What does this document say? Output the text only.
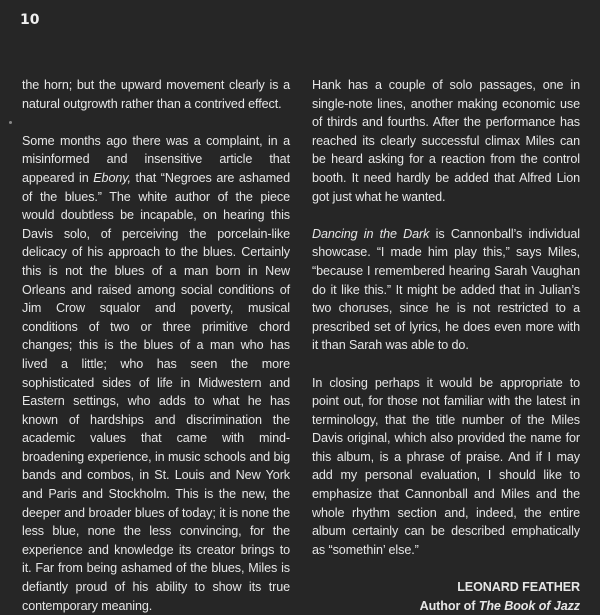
10

the horn; but the upward movement clearly is a natural outgrowth rather than a contrived effect.

Some months ago there was a complaint, in a misinformed and insensitive article that appeared in Ebony, that “Negroes are ashamed of the blues.” The white author of the piece would doubtless be incapable, on hearing this Davis solo, of perceiving the porcelain-like delicacy of his approach to the blues. Certainly this is not the blues of a man born in New Orleans and raised among social conditions of Jim Crow squalor and poverty, musical conditions of two or three primitive chord changes; this is the blues of a man who has lived a little; who has seen the more sophisticated sides of life in Midwestern and Eastern settings, who adds to what he has known of hardships and discrimination the academic values that came with mind-broadening experience, in music schools and big bands and combos, in St. Louis and New York and Paris and Stockholm. This is the new, the deeper and broader blues of today; it is none the less blue, none the less convincing, for the experience and knowledge its creator brings to it. Far from being ashamed of the blues, Miles is defiantly proud of his ability to show its true contemporary meaning.

Hank has a couple of solo passages, one in single-note lines, another making economic use of thirds and fourths. After the performance has reached its clearly successful climax Miles can be heard asking for a reaction from the control booth. It need hardly be added that Alfred Lion got just what he wanted.

Dancing in the Dark is Cannonball’s individual showcase. “I made him play this,” says Miles, “because I remembered hearing Sarah Vaughan do it like this.” It might be added that in Julian’s two choruses, since he is not restricted to a prescribed set of lyrics, he does even more with it than Sarah was able to do.

In closing perhaps it would be appropriate to point out, for those not familiar with the latest in terminology, that the title number of the Miles Davis original, which also provided the name for this album, is a phrase of praise. And if I may add my personal evaluation, I should like to emphasize that Cannonball and Miles and the whole rhythm section and, indeed, the entire album certainly can be described emphatically as “somethin’ else.”

LEONARD FEATHER
Author of The Book of Jazz
